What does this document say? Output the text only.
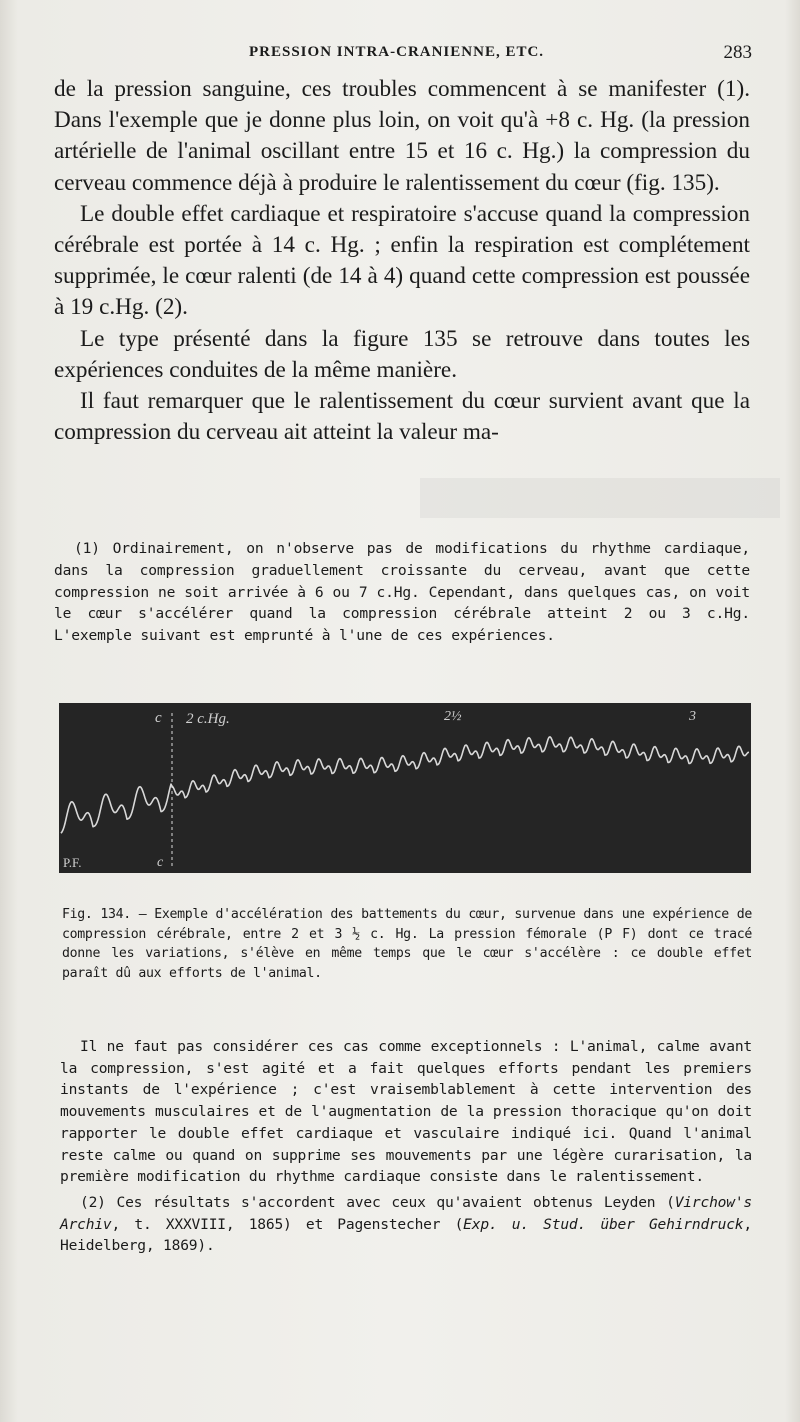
PRESSION INTRA-CRANIENNE, ETC.	283

de la pression sanguine, ces troubles commencent à se manifester (1). Dans l'exemple que je donne plus loin, on voit qu'à +8 c. Hg. (la pression artérielle de l'animal oscillant entre 15 et 16 c. Hg.) la compression du cerveau commence déjà à produire le ralentissement du cœur (fig. 135).

Le double effet cardiaque et respiratoire s'accuse quand la compression cérébrale est portée à 14 c. Hg. ; enfin la respiration est complétement supprimée, le cœur ralenti (de 14 à 4) quand cette compression est poussée à 19 c.Hg. (2).

Le type présenté dans la figure 135 se retrouve dans toutes les expériences conduites de la même manière.

Il faut remarquer que le ralentissement du cœur survient avant que la compression du cerveau ait atteint la valeur ma-

(1) Ordinairement, on n'observe pas de modifications du rhythme cardiaque, dans la compression graduellement croissante du cerveau, avant que cette compression ne soit arrivée à 6 ou 7 c.Hg. Cependant, dans quelques cas, on voit le cœur s'accélérer quand la compression cérébrale atteint 2 ou 3 c.Hg. L'exemple suivant est emprunté à l'une de ces expériences.

c 2 c.Hg.	2½	3
P.F.	c

Fig. 134. — Exemple d'accélération des battements du cœur, survenue dans une expérience de compression cérébrale, entre 2 et 3 ½ c. Hg. La pression fémorale (P F) dont ce tracé donne les variations, s'élève en même temps que le cœur s'accélère : ce double effet paraît dû aux efforts de l'animal.

Il ne faut pas considérer ces cas comme exceptionnels : L'animal, calme avant la compression, s'est agité et a fait quelques efforts pendant les premiers instants de l'expérience ; c'est vraisemblablement à cette intervention des mouvements musculaires et de l'augmentation de la pression thoracique qu'on doit rapporter le double effet cardiaque et vasculaire indiqué ici. Quand l'animal reste calme ou quand on supprime ses mouvements par une légère curarisation, la première modification du rhythme cardiaque consiste dans le ralentissement.

(2) Ces résultats s'accordent avec ceux qu'avaient obtenus Leyden (Virchow's Archiv, t. XXXVIII, 1865) et Pagenstecher (Exp. u. Stud. über Gehirndruck, Heidelberg, 1869).
